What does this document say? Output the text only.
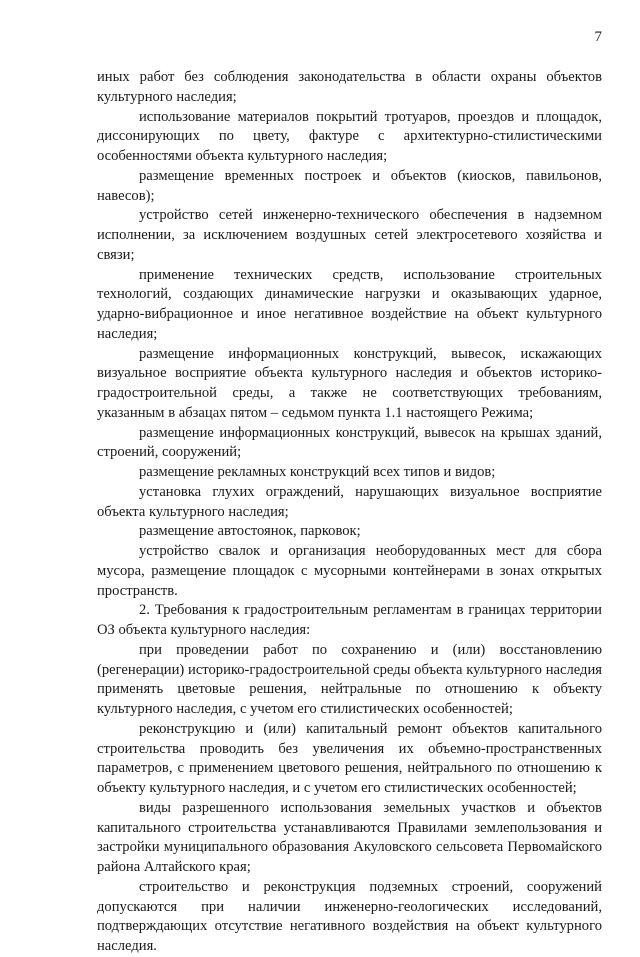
7

иных работ без соблюдения законодательства в области охраны объектов культурного наследия;

использование материалов покрытий тротуаров, проездов и площадок, диссонирующих по цвету, фактуре с архитектурно-стилистическими особенностями объекта культурного наследия;

размещение временных построек и объектов (киосков, павильонов, навесов);

устройство сетей инженерно-технического обеспечения в надземном исполнении, за исключением воздушных сетей электросетевого хозяйства и связи;

применение технических средств, использование строительных технологий, создающих динамические нагрузки и оказывающих ударное, ударно-вибрационное и иное негативное воздействие на объект культурного наследия;

размещение информационных конструкций, вывесок, искажающих визуальное восприятие объекта культурного наследия и объектов историко-градостроительной среды, а также не соответствующих требованиям, указанным в абзацах пятом – седьмом пункта 1.1 настоящего Режима;

размещение информационных конструкций, вывесок на крышах зданий, строений, сооружений;

размещение рекламных конструкций всех типов и видов;

установка глухих ограждений, нарушающих визуальное восприятие объекта культурного наследия;

размещение автостоянок, парковок;

устройство свалок и организация необорудованных мест для сбора мусора, размещение площадок с мусорными контейнерами в зонах открытых пространств.

2. Требования к градостроительным регламентам в границах территории ОЗ объекта культурного наследия:

при проведении работ по сохранению и (или) восстановлению (регенерации) историко-градостроительной среды объекта культурного наследия применять цветовые решения, нейтральные по отношению к объекту культурного наследия, с учетом его стилистических особенностей;

реконструкцию и (или) капитальный ремонт объектов капитального строительства проводить без увеличения их объемно-пространственных параметров, с применением цветового решения, нейтрального по отношению к объекту культурного наследия, и с учетом его стилистических особенностей;

виды разрешенного использования земельных участков и объектов капитального строительства устанавливаются Правилами землепользования и застройки муниципального образования Акуловского сельсовета Первомайского района Алтайского края;

строительство и реконструкция подземных строений, сооружений допускаются при наличии инженерно-геологических исследований, подтверждающих отсутствие негативного воздействия на объект культурного наследия.
